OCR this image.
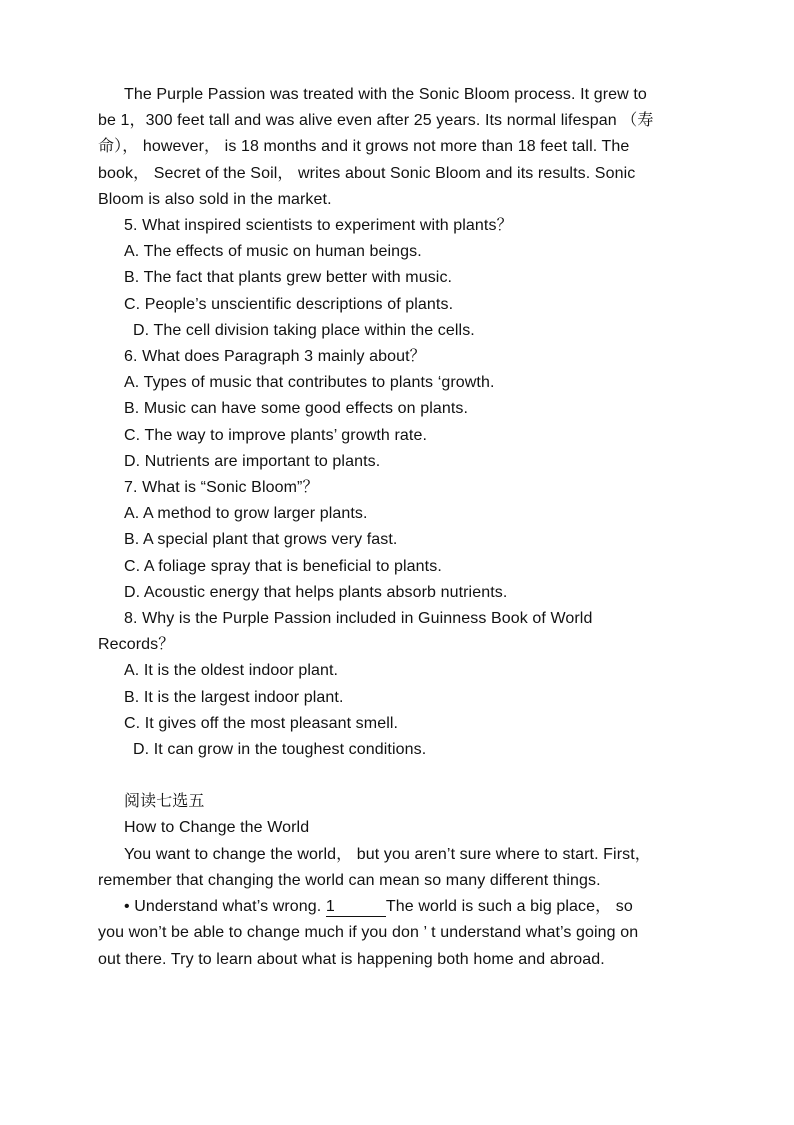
The Purple Passion was treated with the Sonic Bloom process. It grew to
be 1，300 feet tall and was alive even after 25 years. Its normal lifespan （寿
命）， however， is 18 months and it grows not more than 18 feet tall. The
book， Secret of the Soil， writes about Sonic Bloom and its results. Sonic
Bloom is also sold in the market.
5. What inspired scientists to experiment with plants？
A. The effects of music on human beings.
B. The fact that plants grew better with music.
C. People’s unscientific descriptions of plants.
D. The cell division taking place within the cells.
6. What does Paragraph 3 mainly about？
A. Types of music that contributes to plants ‘growth.
B. Music can have some good effects on plants.
C. The way to improve plants’ growth rate.
D. Nutrients are important to plants.
7. What is “Sonic Bloom”？
A. A method to grow larger plants.
B. A special plant that grows very fast.
C. A foliage spray that is beneficial to plants.
D. Acoustic energy that helps plants absorb nutrients.
8. Why is the Purple Passion included in Guinness Book of World
Records？
A. It is the oldest indoor plant.
B. It is the largest indoor plant.
C. It gives off the most pleasant smell.
D. It can grow in the toughest conditions.
阅读七选五
How to Change the World
You want to change the world， but you aren’t sure where to start. First，
remember that changing the world can mean so many different things.
• Understand what’s wrong. 1	The world is such a big place， so
you won’t be able to change much if you don ’ t understand what’s going on
out there. Try to learn about what is happening both home and abroad.
